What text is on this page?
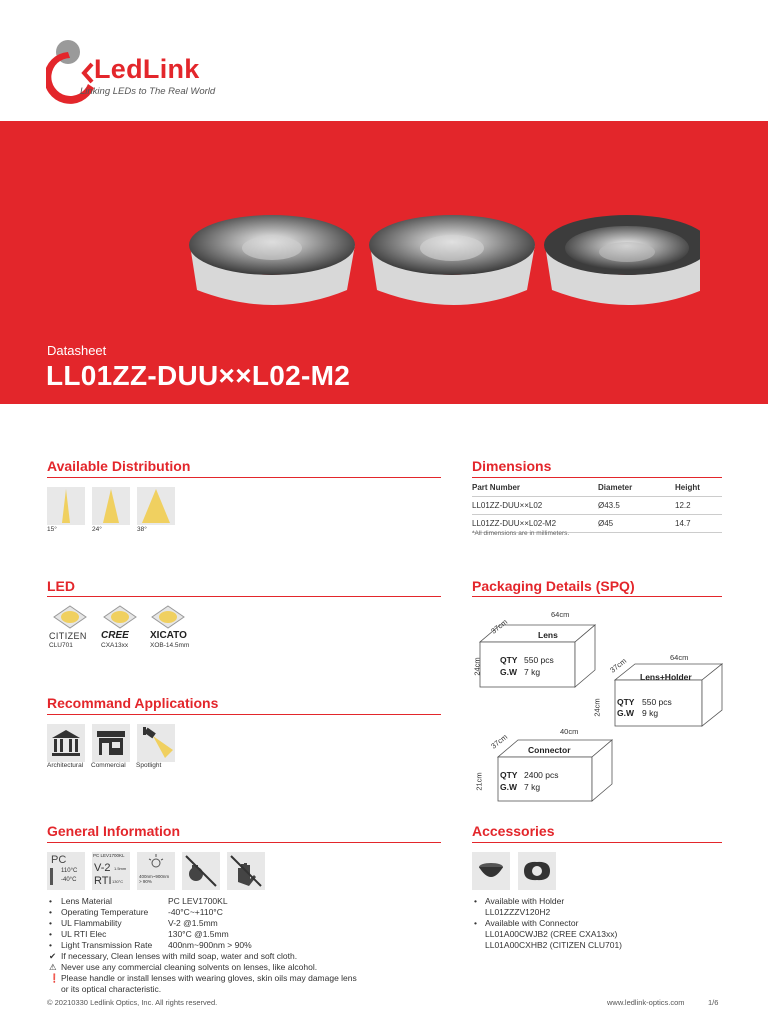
LedLink
Linking LEDs to The Real World
Datasheet
LL01ZZ-DUU××L02-M2
Available Distribution
15°	24°	38°
Dimensions
Part Number	Diameter	Height
LL01ZZ-DUU××L02	Ø43.5	12.2
LL01ZZ-DUU××L02-M2	Ø45	14.7
*All dimensions are in millimeters.
LED
CITIZEN
CLU701
CREE
CXA13xx
XICATO
XOB-14.5mm
Packaging Details (SPQ)
64cm
37cm
24cm
Lens
QTY 550 pcs
G.W 7 kg
64cm
37cm
24cm
Lens+Holder
QTY 550 pcs
G.W 9 kg
40cm
37cm
21cm
Connector
QTY 2400 pcs
G.W 7 kg
Recommand Applications
Architectural Commercial Spotlight
General Information
PC
110°C
-40°C
PC LEV1700KL
V-2 1.5mm
RTI 130°C
400nm~900nm > 90%
• Lens Material	PC LEV1700KL
• Operating Temperature -40°C~+110°C
• UL Flammability	V-2 @1.5mm
• UL RTI Elec	130°C @1.5mm
• Light Transmission Rate 400nm~900nm > 90%
✔ If necessary, Clean lenses with mild soap, water and soft cloth.
⚠ Never use any commercial cleaning solvents on lenses, like alcohol.
❗Please handle or install lenses with wearing gloves, skin oils may damage lens
or its optical characteristic.
Accessories
• Available with Holder
LL01ZZZV120H2
• Available with Connector
LL01A00CWJB2 (CREE CXA13xx)
LL01A00CXHB2 (CITIZEN CLU701)
© 20210330 Ledlink Optics, Inc. All rights reserved.	www.ledlink-optics.com	1/6
